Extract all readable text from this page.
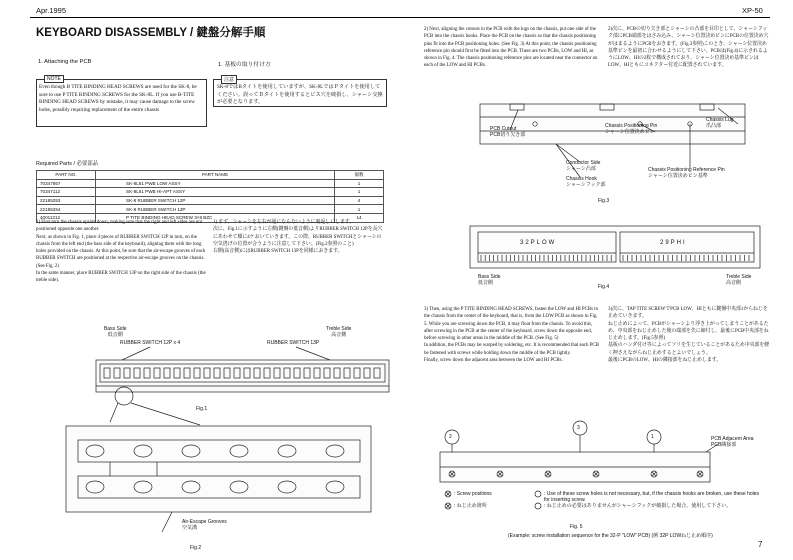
Apr.1995	XP-50
KEYBOARD DISASSEMBLY / 鍵盤分解手順
1. Attaching the PCB	1. 基板の取り付け方
NOTE
Even though B TITE BINDING HEAD SCREWS are used for the SK-8, be sure to use P TITE BINDING SCREWS for the SK-8L. If you use B-TITE BINDING HEAD SCREWS by mistake, it may cause damage to the screw holes, possibly requiring replacement of the entire chassis
注意
SK-8ではBタイトを使用していますが、SK-8LではＰタイトを使用してください。誤ってＢタイトを使用するとビス穴を破損し、シャーシ交換が必要となります。
Required Parts / 必要部品
PART NO.	PART NAME	個数
70347867	SK-8L61 PWB LOW ASSY	1
70347112	SK-8L61 PWB HI-APT ASSY	1
22185253	SK-8 RUBBER SWITCH 12P	4
22185254	SK-8 RUBBER SWITCH 13P	1
40011312	P TITE BINDING HEAD SCREW 3×8 BZC	14
1) First turn the chassis upside down, making sure that the right and left sides are not positioned opposite one another.
Next, as shown in Fig. 1, place 4 pieces of RUBBER SWITCH 12P in turn, on the chassis from the left end (the bass side of the keyboard), aligning them with the long holes provided on the chassis. At this point, be sure that the air-escape grooves of each RUBBER SWITCH are positioned at the respective air-escape grooves on the chassis. (See Fig. 2)
In the same manner, place RUBBER SWITCH 13P on the right side of the chassis (the treble side).
1) まず、シャーシを左右が逆にならないように裏返しにします。
次に、Fig.1に示すように左側(鍵盤の低音側)よりRUBBER SWITCH 12Pを長穴にあわせて順に4ケおいていきます。この際、RUBBER SWITCHとシャーシの空気逃げの位置が合うように注意して下さい。(Fig.2参照のこと)
右側(高音側)にはRUBBER SWITCH 13Pを同様におきます。
Bass Side
低音側
Treble Side
高音側
RUBBER SWITCH 12P x 4	RUBBER SWITCH 13P
Fig.1
Air-Escape Grooves
空気溝
Fig.2
2) Next, aligning the cutouts in the PCB with the lugs on the chassis, put one side of the PCB into the chassis hooks. Place the PCB on the chassis so that the chassis positioning pins fit into the PCB positioning holes. (See Fig. 3) At this point, the chassis positioning reference pin should first be fitted into the PCB. There are two PCBs, LOW and HI, as shown in Fig. 4. The chassis positioning reference pins are located near the connector on each of the LOW and HI PCBs.
2)次に、PCBの切り欠き部とシャーシの凸部を目印として、シャーシフック部にPCB端部をはさみ込み、シャーシ位置決めピンにPCBの位置決め穴がはまるようにPCBをおきます。(Fig.3参照)このとき、シャーシ位置決め基準ピンを最初に合わせるようにして下さい。PCBは(Fig.4)に示されるようにLOW、HIの2枚で構成されており、シャーシ位置決め基準ピンはLOW、HIともにコネクター付近に配置されています。
PCB Cutout
PCB切り欠き部
Chassis Positioning Pin
シャーシ位置決めピン
Chassis Lug
爪凸部
Conductor Side
シャーシ凸部
Chassis Hook
シャーシフック部
Chassis Positioning Reference Pin
シャーシ位置決めピン基準
Fig.3
32PLOW	29PHI
Bass Side
低音側
Treble Side
高音側
Fig.4
3) Then, using the P TITE BINDING HEAD SCREWS, fasten the LOW and HI PCBs to the chassis from the center of the keyboard, that is, from the LOW PCB as shown in Fig. 5. While you are screwing down the PCB, it may float from the chassis. To avoid this, after screwing in the PCB at the center of the keyboard, screw down the opposite end, before screwing in other areas in the middle of the PCB. (See Fig. 5)
In addition, the PCBs may be warped by soldering, etc. It is recommended that each PCB be fastened with screws while holding down the middle of the PCB lightly.
Finally, screw down the adjacent area between the LOW and HI PCBs.
3)次に、TAP TITE SCREWでPCB LOW、HIともに鍵盤中央部1からねじを止めていきます。
ねじ止めによって、PCBがシャーシより浮き上がってしまうことがあるため、中央部をねじ止めした後の端部を先に締付し、最後にPCB中央部をねじ止めします。(Fig.5参照)
基板のハンダ付け等によってソリを生じていることがあるため中央部を軽く押さえながらねじ止めするとよいでしょう。
最後にPCBのLOW、HIの隣接部をねじ止めします。
1
2
3
PCB Adjacent Area
PCB隣接部
: Screw positions
: ねじ止め箇所
: Use of these screw holes is not necessary, but, if the chassis hooks are broken, use these holes for inserting screw.
: ねじ止めの必要はありませんがシャーシフックが破損した場合、使用して下さい。
Fig. 5
(Example: screw installation sequence for the 32-P "LOW" PCB) (例 32P LOWねじ止め順序)
7
